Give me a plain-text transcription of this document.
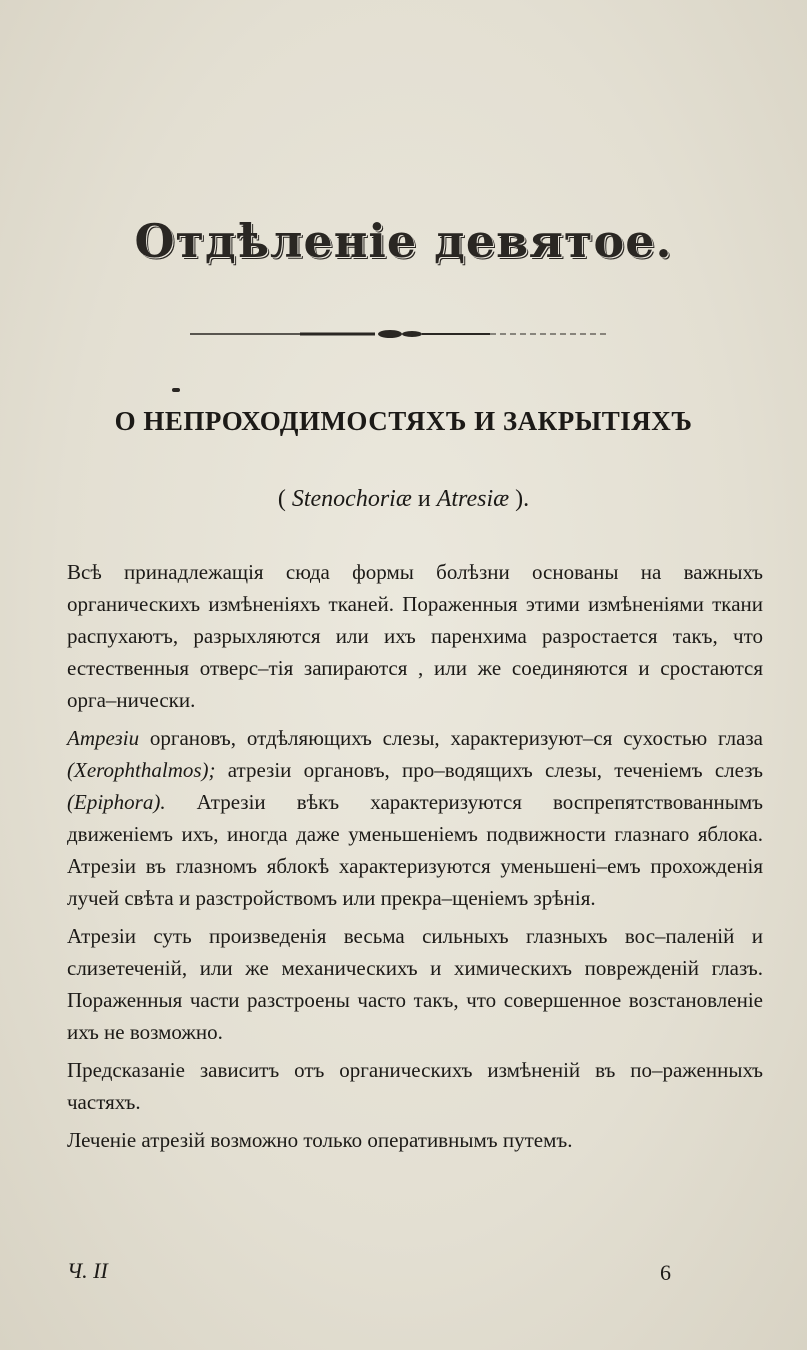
Отдѣленіе девятое.
О НЕПРОХОДИМОСТЯХЪ И ЗАКРЫТІЯХЪ
( Stenochoriæ и Atresiæ ).

Всѣ принадлежащія сюда формы болѣзни основаны на важныхъ органическихъ измѣненіяхъ тканей. Пораженныя этими измѣненіями ткани распухаютъ, разрыхляются или ихъ паренхима разростается такъ, что естественныя отверс–тія запираются , или же соединяются и сростаются орга–нически.

Атрезіи органовъ, отдѣляющихъ слезы, характеризуют–ся сухостью глаза (Xerophthalmos); атрезіи органовъ, про–водящихъ слезы, теченіемъ слезъ (Epiphora). Атрезіи вѣкъ характеризуются воспрепятствованнымъ движеніемъ ихъ, иногда даже уменьшеніемъ подвижности глазнаго яблока. Атрезіи въ глазномъ яблокѣ характеризуются уменьшені–емъ прохожденія лучей свѣта и разстройствомъ или прекра–щеніемъ зрѣнія.

Атрезіи суть произведенія весьма сильныхъ глазныхъ вос–паленій и слизетеченій, или же механическихъ и химическихъ поврежденій глазъ. Пораженныя части разстроены часто такъ, что совершенное возстановленіе ихъ не возможно.

Предсказаніе зависитъ отъ органическихъ измѣненій въ по–раженныхъ частяхъ.

Леченіе атрезій возможно только оперативнымъ путемъ.

Ч. II	6
